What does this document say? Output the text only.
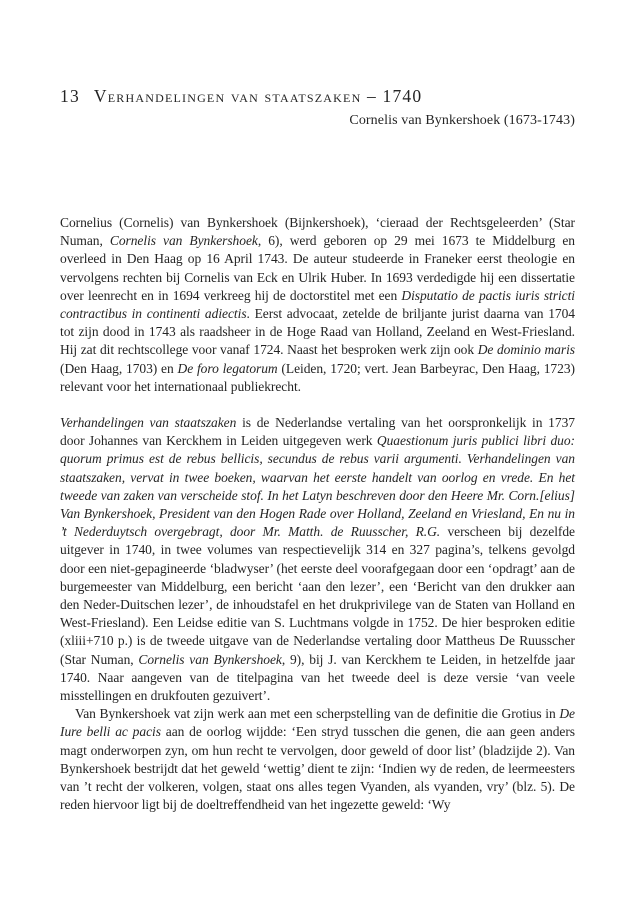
13 Verhandelingen van staatszaken – 1740
Cornelis van Bynkershoek (1673-1743)

Cornelius (Cornelis) van Bynkershoek (Bijnkershoek), ‘cieraad der Rechtsgeleerden’ (Star Numan, Cornelis van Bynkershoek, 6), werd geboren op 29 mei 1673 te Middelburg en overleed in Den Haag op 16 April 1743. De auteur studeerde in Franeker eerst theologie en vervolgens rechten bij Cornelis van Eck en Ulrik Huber. In 1693 verdedigde hij een dissertatie over leenrecht en in 1694 verkreeg hij de doctorstitel met een Disputatio de pactis iuris stricti contractibus in continenti adiectis. Eerst advocaat, zetelde de briljante jurist daarna van 1704 tot zijn dood in 1743 als raadsheer in de Hoge Raad van Holland, Zeeland en West-Friesland. Hij zat dit rechtscollege voor vanaf 1724. Naast het besproken werk zijn ook De dominio maris (Den Haag, 1703) en De foro legatorum (Leiden, 1720; vert. Jean Barbeyrac, Den Haag, 1723) relevant voor het internationaal publiekrecht.

Verhandelingen van staatszaken is de Nederlandse vertaling van het oorspronkelijk in 1737 door Johannes van Kerckhem in Leiden uitgegeven werk Quaestionum juris publici libri duo: quorum primus est de rebus bellicis, secundus de rebus varii argumenti. Verhandelingen van staatszaken, vervat in twee boeken, waarvan het eerste handelt van oorlog en vrede. En het tweede van zaken van verscheide stof. In het Latyn beschreven door den Heere Mr. Corn.[elius] Van Bynkershoek, President van den Hogen Rade over Holland, Zeeland en Vriesland, En nu in ’t Nederduytsch overgebragt, door Mr. Matth. de Ruusscher, R.G. verscheen bij dezelfde uitgever in 1740, in twee volumes van respectievelijk 314 en 327 pagina’s, telkens gevolgd door een niet-gepagineerde ‘bladwyser’ (het eerste deel voorafgegaan door een ‘opdragt’ aan de burgemeester van Middelburg, een bericht ‘aan den lezer’, een ‘Bericht van den drukker aan den Neder-Duitschen lezer’, de inhoudstafel en het drukprivilege van de Staten van Holland en West-Friesland). Een Leidse editie van S. Luchtmans volgde in 1752. De hier besproken editie (xliii+710 p.) is de tweede uitgave van de Nederlandse vertaling door Mattheus De Ruusscher (Star Numan, Cornelis van Bynkershoek, 9), bij J. van Kerckhem te Leiden, in hetzelfde jaar 1740. Naar aangeven van de titelpagina van het tweede deel is deze versie ‘van veele misstellingen en drukfouten gezuivert’.

Van Bynkershoek vat zijn werk aan met een scherpstelling van de definitie die Grotius in De Iure belli ac pacis aan de oorlog wijdde: ‘Een stryd tusschen die genen, die aan geen anders magt onderworpen zyn, om hun recht te vervolgen, door geweld of door list’ (bladzijde 2). Van Bynkershoek bestrijdt dat het geweld ‘wettig’ dient te zijn: ‘Indien wy de reden, de leermeesters van ’t recht der volkeren, volgen, staat ons alles tegen Vyanden, als vyanden, vry’ (blz. 5). De reden hiervoor ligt bij de doeltreffendheid van het ingezette geweld: ‘Wy
